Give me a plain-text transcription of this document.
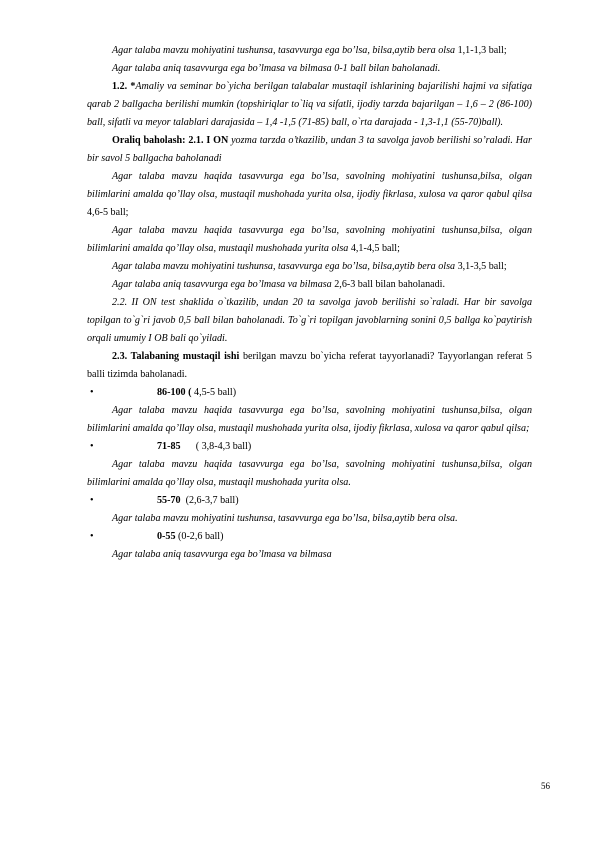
Agar talaba mavzu mohiyatini tushunsa, tasavvurga ega bo’lsa, bilsa,aytib bera olsa 1,1-1,3 ball;

Agar talaba aniq tasavvurga ega bo’lmasa va bilmasa 0-1 ball bilan baholanadi.

1.2. *Amaliy va seminar bo`yicha berilgan talabalar mustaqil ishlarining bajarilishi hajmi va sifatiga qarab 2 ballgacha berilishi mumkin (topshiriqlar to`liq va sifatli, ijodiy tarzda bajarilgan – 1,6 – 2 (86-100) ball, sifatli va meyor talablari darajasida – 1,4 -1,5 (71-85) ball, o`rta darajada - 1,3-1,1 (55-70)ball).

Oraliq baholash: 2.1. I ON yozma tarzda o’tkazilib, undan 3 ta savolga javob berilishi so’raladi. Har bir savol 5 ballgacha baholanadi

Agar talaba mavzu haqida tasavvurga ega bo’lsa, savolning mohiyatini tushunsa,bilsa, olgan bilimlarini amalda qo’llay olsa, mustaqil mushohada yurita olsa, ijodiy fikrlasa, xulosa va qaror qabul qilsa 4,6-5 ball;

Agar talaba mavzu haqida tasavvurga ega bo’lsa, savolning mohiyatini tushunsa,bilsa, olgan bilimlarini amalda qo’llay olsa, mustaqil mushohada yurita olsa 4,1-4,5 ball;

Agar talaba mavzu mohiyatini tushunsa, tasavvurga ega bo’lsa, bilsa,aytib bera olsa 3,1-3,5 ball;

Agar talaba aniq tasavvurga ega bo’lmasa va bilmasa 2,6-3 ball bilan baholanadi.

2.2. II ON test shaklida o`tkazilib, undan 20 ta savolga javob berilishi so`raladi. Har bir savolga topilgan to`g`ri javob 0,5 ball bilan baholanadi. To`g`ri topilgan javoblarning sonini 0,5 ballga ko`paytirish orqali umumiy I OB bali qo`yiladi.

2.3. Talabaning mustaqil ishi berilgan mavzu bo`yicha referat tayyorlanadi? Tayyorlangan referat 5 balli tizimda baholanadi.

•	86-100 ( 4,5-5 ball)

Agar talaba mavzu haqida tasavvurga ega bo’lsa, savolning mohiyatini tushunsa,bilsa, olgan bilimlarini amalda qo’llay olsa, mustaqil mushohada yurita olsa, ijodiy fikrlasa, xulosa va qaror qabul qilsa;

•	71-85      ( 3,8-4,3 ball)

Agar talaba mavzu haqida tasavvurga ega bo’lsa, savolning mohiyatini tushunsa,bilsa, olgan bilimlarini amalda qo’llay olsa, mustaqil mushohada yurita olsa.

•	55-70  (2,6-3,7 ball)

Agar talaba mavzu mohiyatini tushunsa, tasavvurga ega bo’lsa, bilsa,aytib bera olsa.

•	0-55 (0-2,6 ball)

Agar talaba aniq tasavvurga ega bo’lmasa va bilmasa

56
